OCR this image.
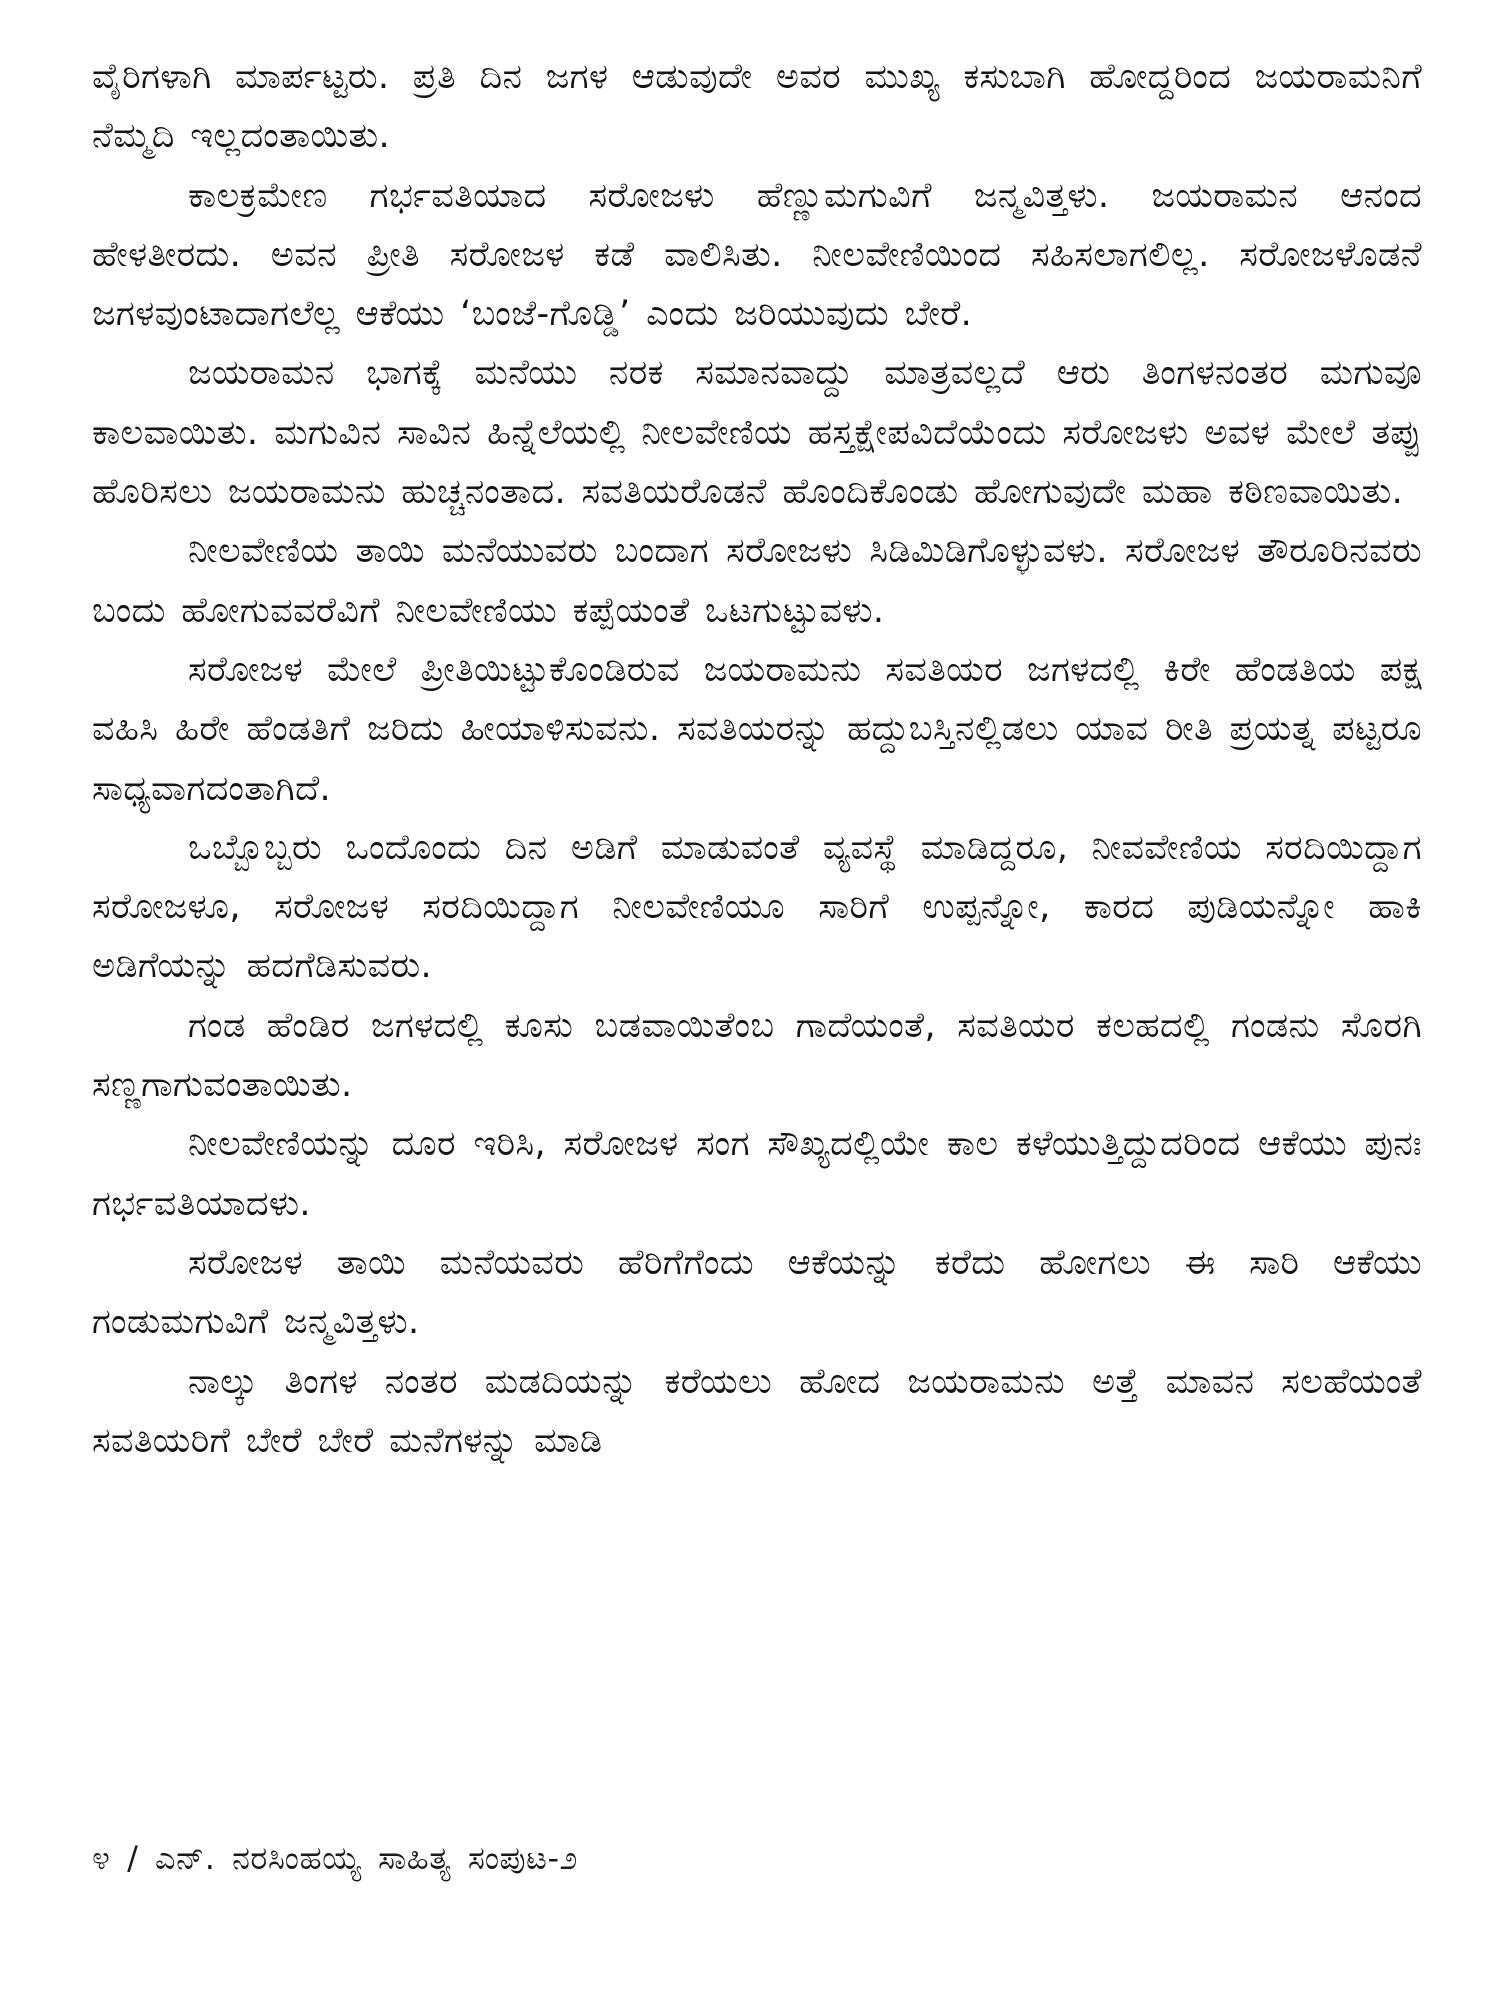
ವೈರಿಗಳಾಗಿ ಮಾರ್ಪಟ್ಟರು. ಪ್ರತಿ ದಿನ ಜಗಳ ಆಡುವುದೇ ಅವರ ಮುಖ್ಯ ಕಸುಬಾಗಿ ಹೋದ್ದರಿಂದ ಜಯರಾಮನಿಗೆ ನೆಮ್ಮದಿ ಇಲ್ಲದಂತಾಯಿತು.

ಕಾಲಕ್ರಮೇಣ ಗರ್ಭವತಿಯಾದ ಸರೋಜಳು ಹೆಣ್ಣುಮಗುವಿಗೆ ಜನ್ಮವಿತ್ತಳು. ಜಯರಾಮನ ಆನಂದ ಹೇಳತೀರದು. ಅವನ ಪ್ರೀತಿ ಸರೋಜಳ ಕಡೆ ವಾಲಿಸಿತು. ನೀಲವೇಣಿಯಿಂದ ಸಹಿಸಲಾಗಲಿಲ್ಲ. ಸರೋಜಳೊಡನೆ ಜಗಳವುಂಟಾದಾಗಲೆಲ್ಲ ಆಕೆಯು ‘ಬಂಜೆ-ಗೊಡ್ಡಿ’ ಎಂದು ಜರಿಯುವುದು ಬೇರೆ.

ಜಯರಾಮನ ಭಾಗಕ್ಕೆ ಮನೆಯು ನರಕ ಸಮಾನವಾದ್ದು ಮಾತ್ರವಲ್ಲದೆ ಆರು ತಿಂಗಳನಂತರ ಮಗುವೂ ಕಾಲವಾಯಿತು. ಮಗುವಿನ ಸಾವಿನ ಹಿನ್ನೆಲೆಯಲ್ಲಿ ನೀಲವೇಣಿಯ ಹಸ್ತಕ್ಷೇಪವಿದೆಯೆಂದು ಸರೋಜಳು ಅವಳ ಮೇಲೆ ತಪ್ಪು ಹೊರಿಸಲು ಜಯರಾಮನು ಹುಚ್ಚನಂತಾದ. ಸವತಿಯರೊಡನೆ ಹೊಂದಿಕೊಂಡು ಹೋಗುವುದೇ ಮಹಾ ಕಠಿಣವಾಯಿತು.

ನೀಲವೇಣಿಯ ತಾಯಿ ಮನೆಯುವರು ಬಂದಾಗ ಸರೋಜಳು ಸಿಡಿಮಿಡಿಗೊಳ್ಳುವಳು. ಸರೋಜಳ ತೌರೂರಿನವರು ಬಂದು ಹೋಗುವವರೆವಿಗೆ ನೀಲವೇಣಿಯು ಕಪ್ಪೆಯಂತೆ ಒಟಗುಟ್ಟುವಳು.

ಸರೋಜಳ ಮೇಲೆ ಪ್ರೀತಿಯಿಟ್ಟುಕೊಂಡಿರುವ ಜಯರಾಮನು ಸವತಿಯರ ಜಗಳದಲ್ಲಿ ಕಿರೇ ಹೆಂಡತಿಯ ಪಕ್ಷ ವಹಿಸಿ ಹಿರೇ ಹೆಂಡತಿಗೆ ಜರಿದು ಹೀಯಾಳಿಸುವನು. ಸವತಿಯರನ್ನು ಹದ್ದುಬಸ್ತಿನಲ್ಲಿಡಲು ಯಾವ ರೀತಿ ಪ್ರಯತ್ನ ಪಟ್ಟರೂ ಸಾಧ್ಯವಾಗದಂತಾಗಿದೆ.

ಒಬ್ಬೊಬ್ಬರು ಒಂದೊಂದು ದಿನ ಅಡಿಗೆ ಮಾಡುವಂತೆ ವ್ಯವಸ್ಥೆ ಮಾಡಿದ್ದರೂ, ನೀವವೇಣಿಯ ಸರದಿಯಿದ್ದಾಗ ಸರೋಜಳೂ, ಸರೋಜಳ ಸರದಿಯಿದ್ದಾಗ ನೀಲವೇಣಿಯೂ ಸಾರಿಗೆ ಉಪ್ಪನ್ನೋ, ಕಾರದ ಪುಡಿಯನ್ನೋ ಹಾಕಿ ಅಡಿಗೆಯನ್ನು ಹದಗೆಡಿಸುವರು.

ಗಂಡ ಹೆಂಡಿರ ಜಗಳದಲ್ಲಿ ಕೂಸು ಬಡವಾಯಿತೆಂಬ ಗಾದೆಯಂತೆ, ಸವತಿಯರ ಕಲಹದಲ್ಲಿ ಗಂಡನು ಸೊರಗಿ ಸಣ್ಣಗಾಗುವಂತಾಯಿತು.

ನೀಲವೇಣಿಯನ್ನು ದೂರ ಇರಿಸಿ, ಸರೋಜಳ ಸಂಗ ಸೌಖ್ಯದಲ್ಲಿಯೇ ಕಾಲ ಕಳೆಯುತ್ತಿದ್ದುದರಿಂದ ಆಕೆಯು ಪುನಃ ಗರ್ಭವತಿಯಾದಳು.

ಸರೋಜಳ ತಾಯಿ ಮನೆಯವರು ಹೆರಿಗೆಗೆಂದು ಆಕೆಯನ್ನು ಕರೆದು ಹೋಗಲು ಈ ಸಾರಿ ಆಕೆಯು ಗಂಡುಮಗುವಿಗೆ ಜನ್ಮವಿತ್ತಳು.

ನಾಲ್ಕು ತಿಂಗಳ ನಂತರ ಮಡದಿಯನ್ನು ಕರೆಯಲು ಹೋದ ಜಯರಾಮನು ಅತ್ತೆ ಮಾವನ ಸಲಹೆಯಂತೆ ಸವತಿಯರಿಗೆ ಬೇರೆ ಬೇರೆ ಮನೆಗಳನ್ನು ಮಾಡಿ

೪ / ಎನ್. ನರಸಿಂಹಯ್ಯ ಸಾಹಿತ್ಯ ಸಂಪುಟ-೨
